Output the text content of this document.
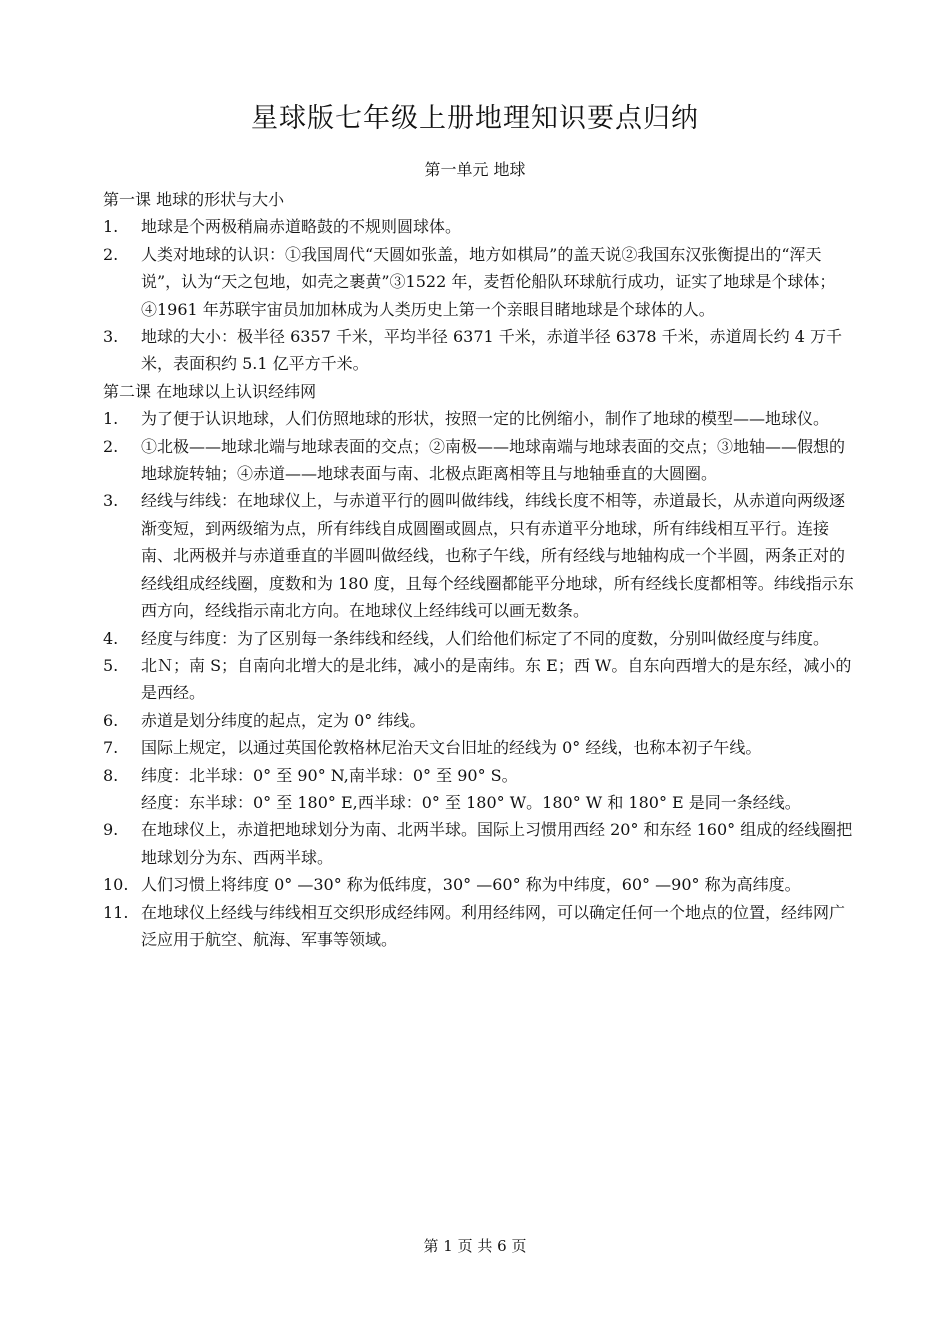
星球版七年级上册地理知识要点归纳
第一单元 地球

第一课 地球的形状与大小

1.	地球是个两极稍扁赤道略鼓的不规则圆球体。
2.	人类对地球的认识：①我国周代“天圆如张盖，地方如棋局”的盖天说②我国东汉张衡提出的“浑天说”，认为“天之包地，如壳之裹黄”③1522 年，麦哲伦船队环球航行成功，证实了地球是个球体；④1961 年苏联宇宙员加加林成为人类历史上第一个亲眼目睹地球是个球体的人。
3.	地球的大小：极半径 6357 千米，平均半径 6371 千米，赤道半径 6378 千米，赤道周长约 4 万千米，表面积约 5.1 亿平方千米。

第二课 在地球以上认识经纬网

1.	为了便于认识地球，人们仿照地球的形状，按照一定的比例缩小，制作了地球的模型——地球仪。
2.	①北极——地球北端与地球表面的交点；②南极——地球南端与地球表面的交点；③地轴——假想的地球旋转轴；④赤道——地球表面与南、北极点距离相等且与地轴垂直的大圆圈。
3.	经线与纬线：在地球仪上，与赤道平行的圆叫做纬线，纬线长度不相等，赤道最长，从赤道向两级逐渐变短，到两级缩为点，所有纬线自成圆圈或圆点，只有赤道平分地球，所有纬线相互平行。连接南、北两极并与赤道垂直的半圆叫做经线，也称子午线，所有经线与地轴构成一个半圆，两条正对的经线组成经线圈，度数和为 180 度，且每个经线圈都能平分地球，所有经线长度都相等。纬线指示东西方向，经线指示南北方向。在地球仪上经纬线可以画无数条。
4.	经度与纬度：为了区别每一条纬线和经线，人们给他们标定了不同的度数，分别叫做经度与纬度。
5.	北Ｎ；南 S；自南向北增大的是北纬，减小的是南纬。东 E；西 W。自东向西增大的是东经，减小的是西经。
6.	赤道是划分纬度的起点，定为 0° 纬线。
7.	国际上规定，以通过英国伦敦格林尼治天文台旧址的经线为 0° 经线，也称本初子午线。
8.	纬度：北半球：0° 至 90° N,南半球：0° 至 90° S。

经度：东半球：0° 至 180° E,西半球：0° 至 180° W。180° W 和 180° E 是同一条经线。

9.	在地球仪上，赤道把地球划分为南、北两半球。国际上习惯用西经 20° 和东经 160° 组成的经线圈把地球划分为东、西两半球。
10. 人们习惯上将纬度 0° —30° 称为低纬度，30° —60° 称为中纬度，60° —90° 称为高纬度。
11. 在地球仪上经线与纬线相互交织形成经纬网。利用经纬网，可以确定任何一个地点的位置，经纬网广泛应用于航空、航海、军事等领域。
第 1 页 共 6 页
